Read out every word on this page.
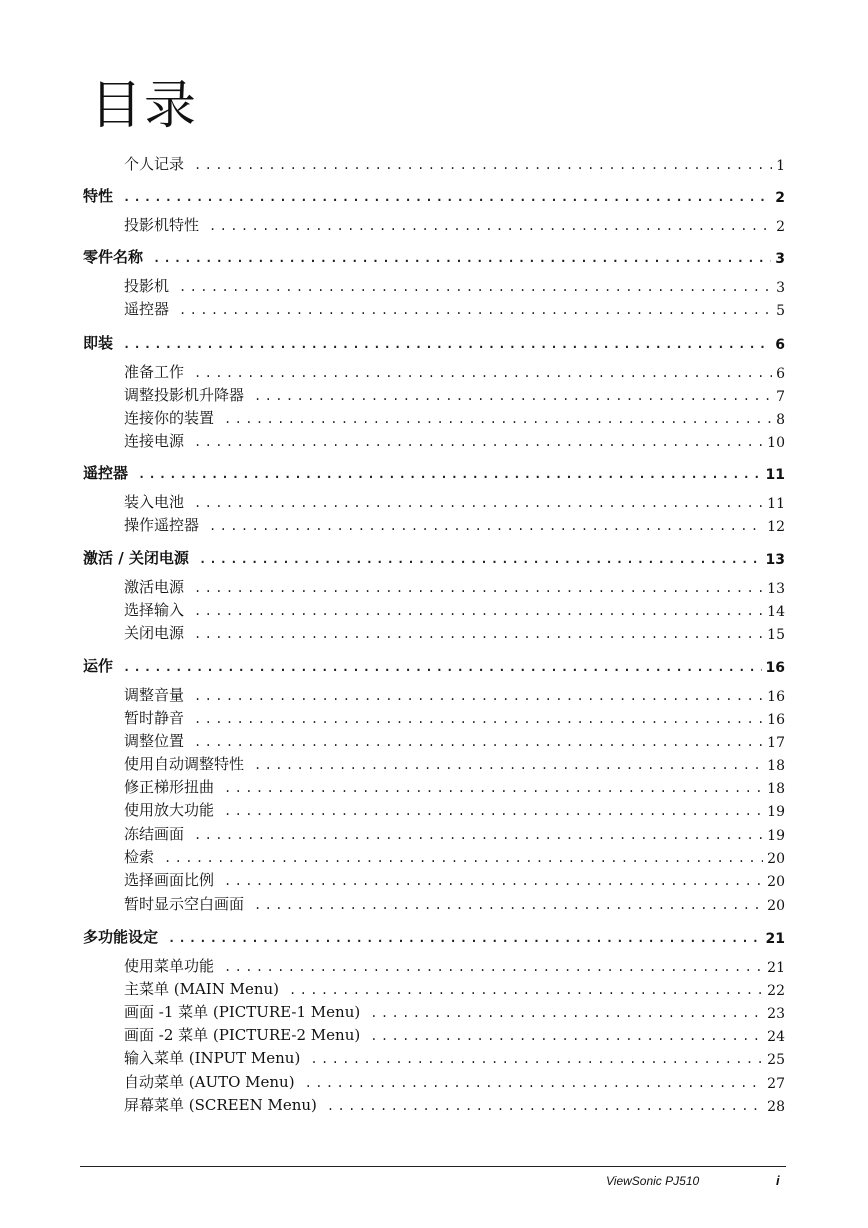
目录
个人记录 .....	1
特性 .....	2
投影机特性 .....	2
零件名称 .....	3
投影机 .....	3
遥控器 .....	5
即装 .....	6
准备工作 .....	6
调整投影机升降器 .....	7
连接你的装置 .....	8
连接电源 .....	10
遥控器 .....	11
装入电池 .....	11
操作遥控器 .....	12
激活 / 关闭电源 .....	13
激活电源 .....	13
选择输入 .....	14
关闭电源 .....	15
运作 .....	16
调整音量 .....	16
暂时静音 .....	16
调整位置 .....	17
使用自动调整特性 .....	18
修正梯形扭曲 .....	18
使用放大功能 .....	19
冻结画面 .....	19
检索 .....	20
选择画面比例 .....	20
暂时显示空白画面 .....	20
多功能设定 .....	21
使用菜单功能 .....	21
主菜单 (MAIN Menu) .....	22
画面 -1 菜单 (PICTURE-1 Menu) .....	23
画面 -2 菜单 (PICTURE-2 Menu) .....	24
输入菜单 (INPUT Menu) .....	25
自动菜单 (AUTO Menu) .....	27
屏幕菜单 (SCREEN Menu) .....	28
ViewSonic PJ510	i
